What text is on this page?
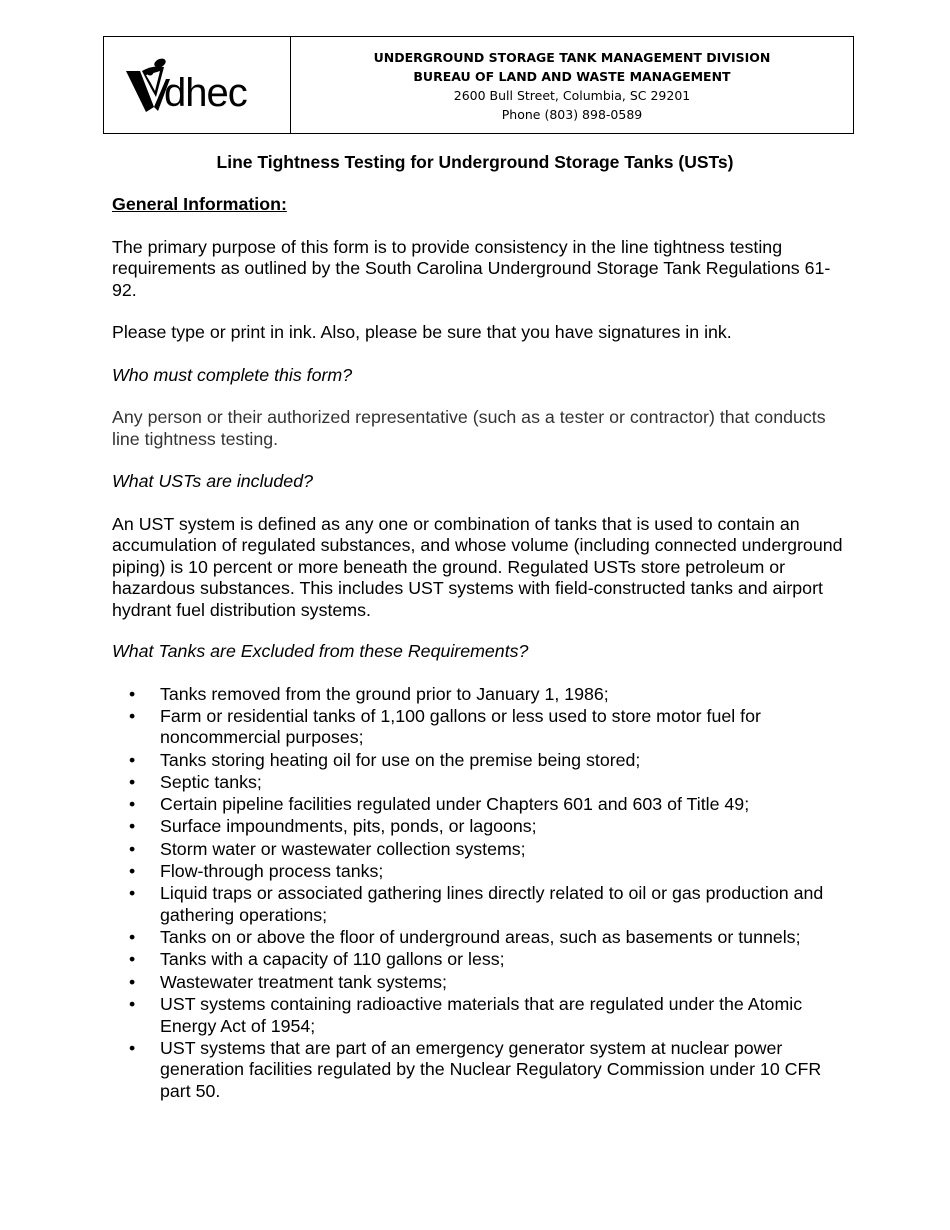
dhec
UNDERGROUND STORAGE TANK MANAGEMENT DIVISION
BUREAU OF LAND AND WASTE MANAGEMENT
2600 Bull Street, Columbia, SC 29201
Phone (803) 898-0589
Line Tightness Testing for Underground Storage Tanks (USTs)

General Information:

The primary purpose of this form is to provide consistency in the line tightness testing requirements as outlined by the South Carolina Underground Storage Tank Regulations 61-92.

Please type or print in ink. Also, please be sure that you have signatures in ink.

Who must complete this form?

Any person or their authorized representative (such as a tester or contractor) that conducts line tightness testing.

What USTs are included?

An UST system is defined as any one or combination of tanks that is used to contain an accumulation of regulated substances, and whose volume (including connected underground piping) is 10 percent or more beneath the ground. Regulated USTs store petroleum or hazardous substances. This includes UST systems with field-constructed tanks and airport hydrant fuel distribution systems.

What Tanks are Excluded from these Requirements?

• Tanks removed from the ground prior to January 1, 1986;
• Farm or residential tanks of 1,100 gallons or less used to store motor fuel for noncommercial purposes;
• Tanks storing heating oil for use on the premise being stored;
• Septic tanks;
• Certain pipeline facilities regulated under Chapters 601 and 603 of Title 49;
• Surface impoundments, pits, ponds, or lagoons;
• Storm water or wastewater collection systems;
• Flow-through process tanks;
• Liquid traps or associated gathering lines directly related to oil or gas production and gathering operations;
• Tanks on or above the floor of underground areas, such as basements or tunnels;
• Tanks with a capacity of 110 gallons or less;
• Wastewater treatment tank systems;
• UST systems containing radioactive materials that are regulated under the Atomic Energy Act of 1954;
• UST systems that are part of an emergency generator system at nuclear power generation facilities regulated by the Nuclear Regulatory Commission under 10 CFR part 50.
